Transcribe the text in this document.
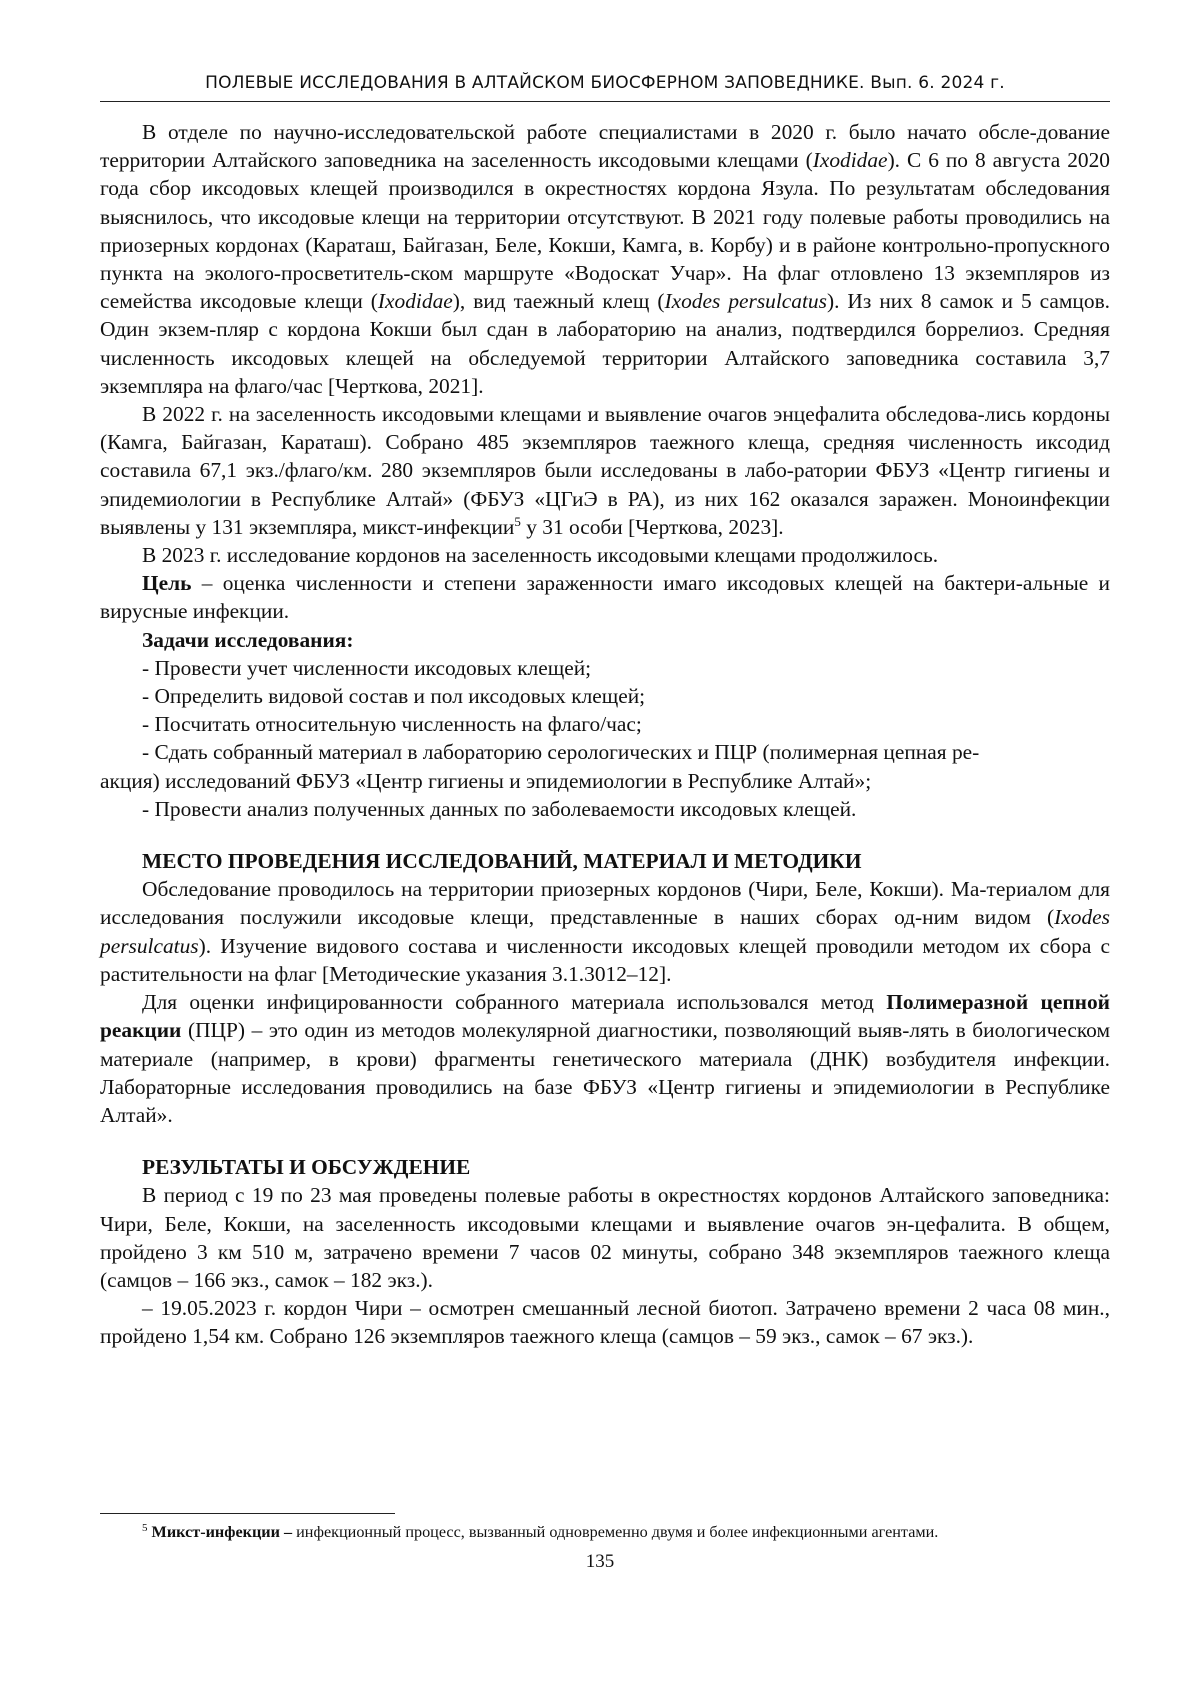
ПОЛЕВЫЕ ИССЛЕДОВАНИЯ В АЛТАЙСКОМ БИОСФЕРНОМ ЗАПОВЕДНИКЕ. Вып. 6. 2024 г.

В отделе по научно-исследовательской работе специалистами в 2020 г. было начато обсле-дование территории Алтайского заповедника на заселенность иксодовыми клещами (Ixodidae). С 6 по 8 августа 2020 года сбор иксодовых клещей производился в окрестностях кордона Язула. По результатам обследования выяснилось, что иксодовые клещи на территории отсутствуют. В 2021 году полевые работы проводились на приозерных кордонах (Караташ, Байгазан, Беле, Кокши, Камга, в. Корбу) и в районе контрольно-пропускного пункта на эколого-просветитель-ском маршруте «Водоскат Учар». На флаг отловлено 13 экземпляров из семейства иксодовые клещи (Ixodidae), вид таежный клещ (Ixodes persulcatus). Из них 8 самок и 5 самцов. Один экзем-пляр с кордона Кокши был сдан в лабораторию на анализ, подтвердился боррелиоз. Средняя численность иксодовых клещей на обследуемой территории Алтайского заповедника составила 3,7 экземпляра на флаго/час [Черткова, 2021].

В 2022 г. на заселенность иксодовыми клещами и выявление очагов энцефалита обследова-лись кордоны (Камга, Байгазан, Караташ). Собрано 485 экземпляров таежного клеща, средняя численность иксодид составила 67,1 экз./флаго/км. 280 экземпляров были исследованы в лабо-ратории ФБУЗ «Центр гигиены и эпидемиологии в Республике Алтай» (ФБУЗ «ЦГиЭ в РА), из них 162 оказался заражен. Моноинфекции выявлены у 131 экземпляра, микст-инфекции$^5$ у 31 особи [Черткова, 2023].

В 2023 г. исследование кордонов на заселенность иксодовыми клещами продолжилось.

Цель – оценка численности и степени зараженности имаго иксодовых клещей на бактери-альные и вирусные инфекции.

Задачи исследования:

- Провести учет численности иксодовых клещей;

- Определить видовой состав и пол иксодовых клещей;

- Посчитать относительную численность на флаго/час;

- Сдать собранный материал в лабораторию серологических и ПЦР (полимерная цепная ре-

акция) исследований ФБУЗ «Центр гигиены и эпидемиологии в Республике Алтай»;

- Провести анализ полученных данных по заболеваемости иксодовых клещей.

МЕСТО ПРОВЕДЕНИЯ ИССЛЕДОВАНИЙ, МАТЕРИАЛ И МЕТОДИКИ

Обследование проводилось на территории приозерных кордонов (Чири, Беле, Кокши). Ма-териалом для исследования послужили иксодовые клещи, представленные в наших сборах од-ним видом (Ixodes persulcatus). Изучение видового состава и численности иксодовых клещей проводили методом их сбора с растительности на флаг [Методические указания 3.1.3012–12].

Для оценки инфицированности собранного материала использовался метод Полимеразной цепной реакции (ПЦР) – это один из методов молекулярной диагностики, позволяющий выяв-лять в биологическом материале (например, в крови) фрагменты генетического материала (ДНК) возбудителя инфекции. Лабораторные исследования проводились на базе ФБУЗ «Центр гигиены и эпидемиологии в Республике Алтай».

РЕЗУЛЬТАТЫ И ОБСУЖДЕНИЕ

В период с 19 по 23 мая проведены полевые работы в окрестностях кордонов Алтайского заповедника: Чири, Беле, Кокши, на заселенность иксодовыми клещами и выявление очагов эн-цефалита. В общем, пройдено 3 км 510 м, затрачено времени 7 часов 02 минуты, собрано 348 экземпляров таежного клеща (самцов – 166 экз., самок – 182 экз.).

– 19.05.2023 г. кордон Чири – осмотрен смешанный лесной биотоп. Затрачено времени 2 часа 08 мин., пройдено 1,54 км. Собрано 126 экземпляров таежного клеща (самцов – 59 экз., самок – 67 экз.).

$^5$ Микст-инфекции – инфекционный процесс, вызванный одновременно двумя и более инфекционными агентами.
135
